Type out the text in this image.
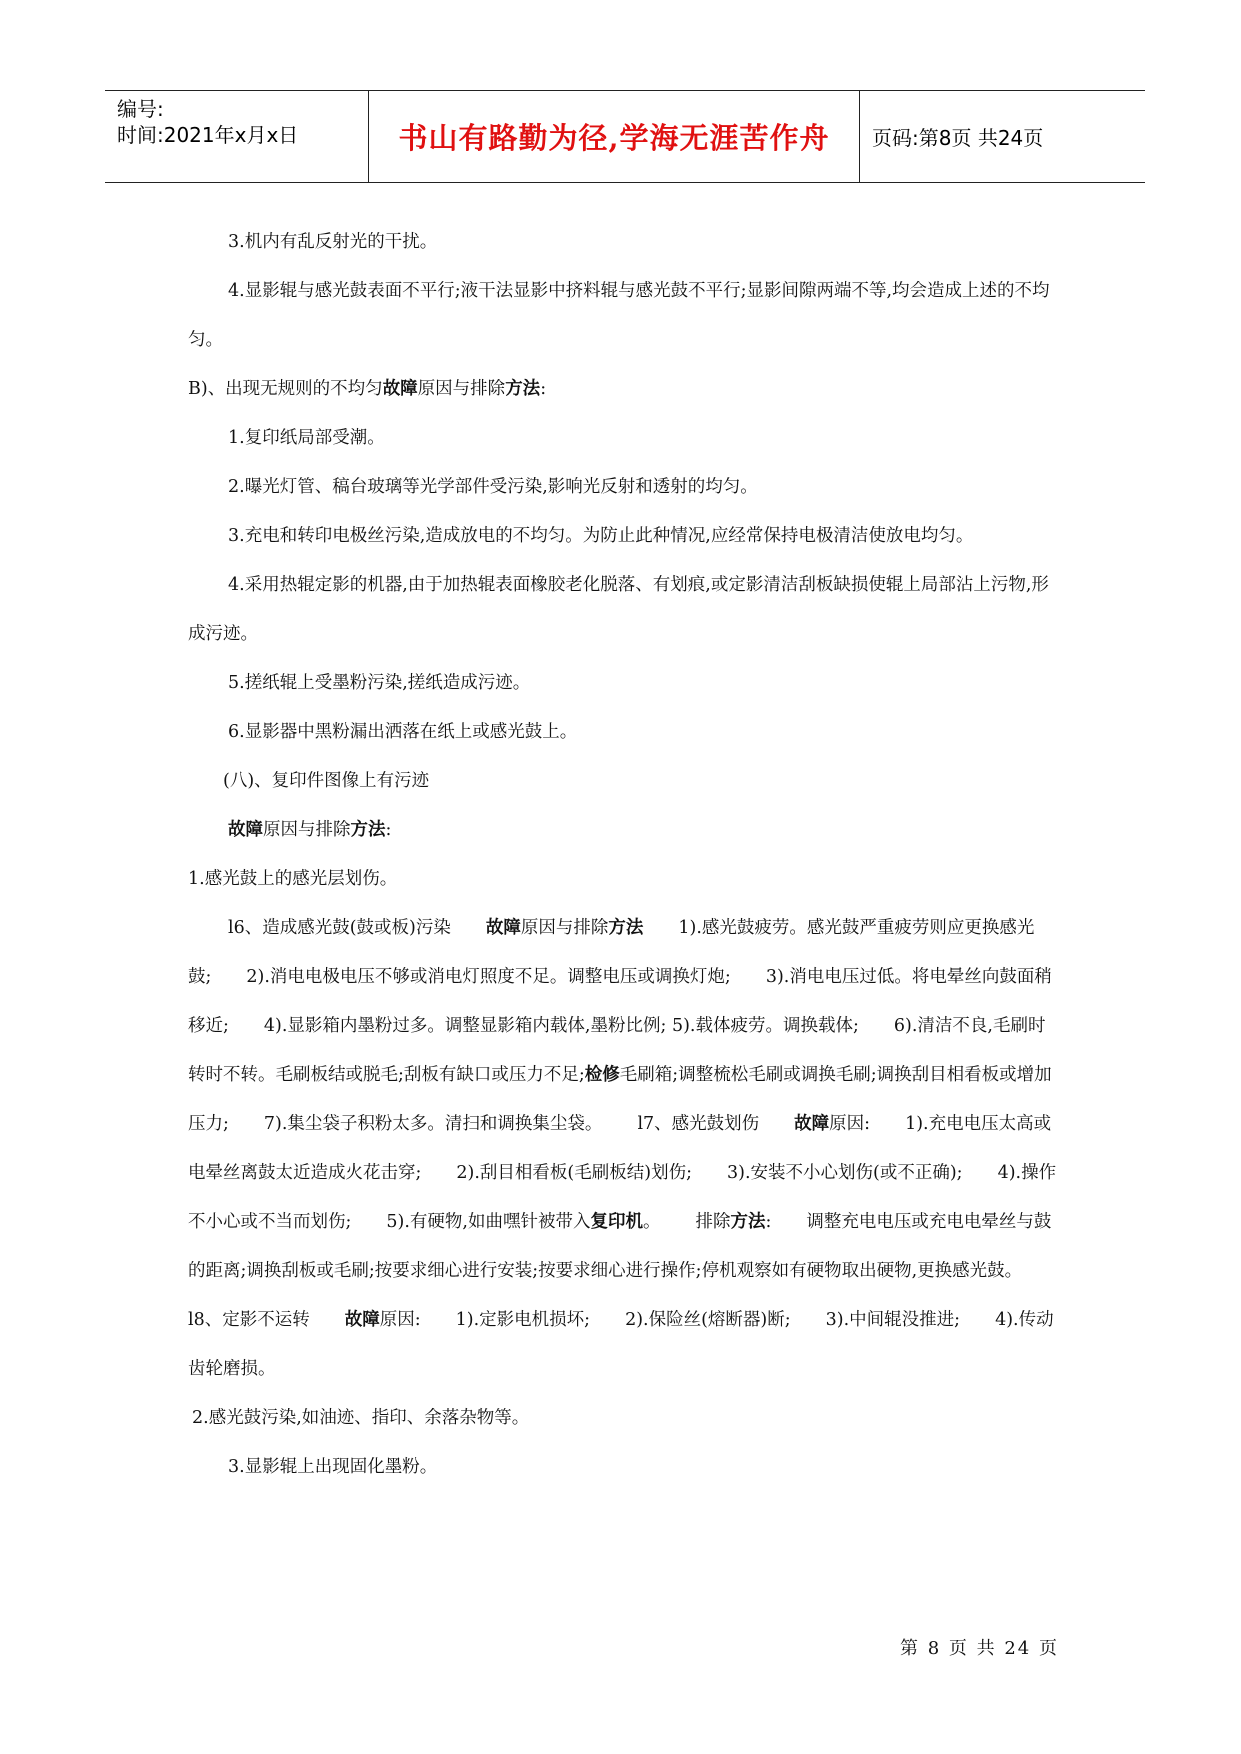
编号:
时间:2021年x月x日	书山有路勤为径,学海无涯苦作舟	页码:第8页 共24页

3.机内有乱反射光的干扰。

4.显影辊与感光鼓表面不平行;液干法显影中挤料辊与感光鼓不平行;显影间隙两端不等,均会造成上述的不均匀。

B)、出现无规则的不均匀故障原因与排除方法:

1.复印纸局部受潮。

2.曝光灯管、稿台玻璃等光学部件受污染,影响光反射和透射的均匀。

3.充电和转印电极丝污染,造成放电的不均匀。为防止此种情况,应经常保持电极清洁使放电均匀。

4.采用热辊定影的机器,由于加热辊表面橡胶老化脱落、有划痕,或定影清洁刮板缺损使辊上局部沾上污物,形成污迹。

5.搓纸辊上受墨粉污染,搓纸造成污迹。

6.显影器中黑粉漏出洒落在纸上或感光鼓上。

(八)、复印件图像上有污迹

故障原因与排除方法:

1.感光鼓上的感光层划伤。

l6、造成感光鼓(鼓或板)污染   故障原因与排除方法   1).感光鼓疲劳。感光鼓严重疲劳则应更换感光鼓;   2).消电电极电压不够或消电灯照度不足。调整电压或调换灯炮;   3).消电电压过低。将电晕丝向鼓面稍移近;   4).显影箱内墨粉过多。调整显影箱内载体,墨粉比例; 5).载体疲劳。调换载体;   6).清洁不良,毛刷时转时不转。毛刷板结或脱毛;刮板有缺口或压力不足;检修毛刷箱;调整梳松毛刷或调换毛刷;调换刮目相看板或增加压力;   7).集尘袋子积粉太多。清扫和调换集尘袋。   l7、感光鼓划伤   故障原因:   1).充电电压太高或电晕丝离鼓太近造成火花击穿;   2).刮目相看板(毛刷板结)划伤;   3).安装不小心划伤(或不正确);   4).操作不小心或不当而划伤;   5).有硬物,如曲嘿针被带入复印机。   排除方法:   调整充电电压或充电电晕丝与鼓的距离;调换刮板或毛刷;按要求细心进行安装;按要求细心进行操作;停机观察如有硬物取出硬物,更换感光鼓。  l8、定影不运转   故障原因:   1).定影电机损坏;   2).保险丝(熔断器)断;   3).中间辊没推进;   4).传动齿轮磨损。

2.感光鼓污染,如油迹、指印、余落杂物等。

3.显影辊上出现固化墨粉。

第 8 页 共 24 页
